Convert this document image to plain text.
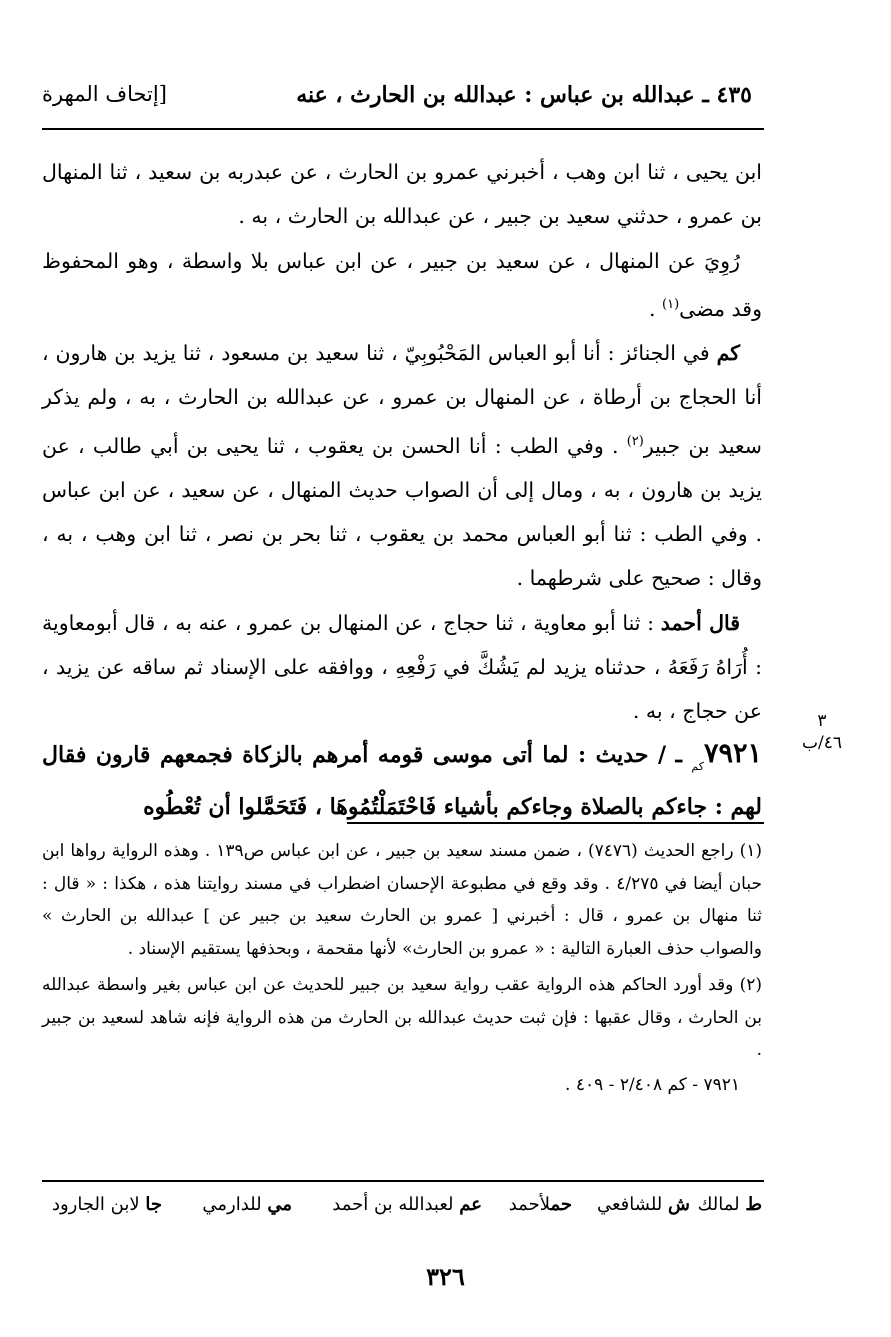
٤٣٥ ـ عبدالله بن عباس : عبدالله بن الحارث ، عنه
[إتحاف المهرة

ابن يحيى ، ثنا ابن وهب ، أخبرني عمرو بن الحارث ، عن عبدربه بن سعيد ، ثنا المنهال بن عمرو ، حدثني سعيد بن جبير ، عن عبدالله بن الحارث ، به .

رُوِيَ عن المنهال ، عن سعيد بن جبير ، عن ابن عباس بلا واسطة ، وهو المحفوظ وقد مضى$^{(١)}$ .

كم في الجنائز : أنا أبو العباس المَحْبُوبِيّ ، ثنا سعيد بن مسعود ، ثنا يزيد بن هارون ، أنا الحجاج بن أرطاة ، عن المنهال بن عمرو ، عن عبدالله بن الحارث ، به ، ولم يذكر سعيد بن جبير$^{(٢)}$ . وفي الطب : أنا الحسن بن يعقوب ، ثنا يحيى بن أبي طالب ، عن يزيد بن هارون ، به ، ومال إلى أن الصواب حديث المنهال ، عن سعيد ، عن ابن عباس . وفي الطب : ثنا أبو العباس محمد بن يعقوب ، ثنا بحر بن نصر ، ثنا ابن وهب ، به ، وقال : صحيح على شرطهما .

قال أحمد : ثنا أبو معاوية ، ثنا حجاج ، عن المنهال بن عمرو ، عنه به ، قال أبومعاوية : أُرَاهُ رَفَعَهُ ، حدثناه يزيد لم يَشُكَّ في رَفْعِهِ ، ووافقه على الإسناد ثم ساقه عن يزيد ، عن حجاج ، به .

$٧٩٢١_{كم}$ ـ / حديث : لما أتى موسى قومه أمرهم بالزكاة فجمعهم قارون فقال لهم : جاءكم بالصلاة وجاءكم بأشياء فَاحْتَمَلْتُمُوهَا ، فَتَحَمَّلوا أن تُعْطُوه

٣
٤٦/ب

(١) راجع الحديث (٧٤٧٦) ، ضمن مسند سعيد بن جبير ، عن ابن عباس ص١٣٩ . وهذه الرواية رواها ابن حبان أيضا في ٤/٢٧٥ . وقد وقع في مطبوعة الإحسان اضطراب في مسند روايتنا هذه ، هكذا : « قال : ثنا منهال بن عمرو ، قال : أخبرني [ عمرو بن الحارث سعيد بن جبير عن ] عبدالله بن الحارث » والصواب حذف العبارة التالية : « عمرو بن الحارث» لأنها مقحمة ، وبحذفها يستقيم الإسناد .

(٢) وقد أورد الحاكم هذه الرواية عقب رواية سعيد بن جبير للحديث عن ابن عباس بغير واسطة عبدالله بن الحارث ، وقال عقبها : فإن ثبت حديث عبدالله بن الحارث من هذه الرواية فإنه شاهد لسعيد بن جبير .

٧٩٢١ - كم ٢/٤٠٨ - ٤٠٩ .

ط لمالك
ش للشافعي
حملأحمد
عم لعبدالله بن أحمد
مي للدارمي
جا لابن الجارود
٣٢٦
